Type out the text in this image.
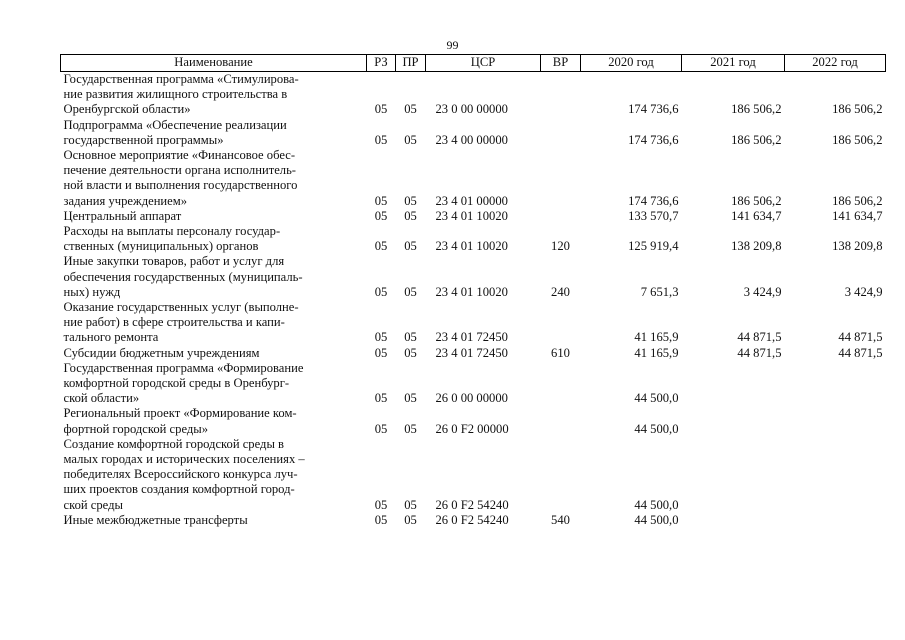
99
Наименование	РЗ	ПР	ЦСР	ВР	2020 год	2021 год	2022 год
Государственная программа «Стимулирова-
ние развития жилищного строительства в
Оренбургской области»	05	05	23 0 00 00000		174 736,6	186 506,2	186 506,2
Подпрограмма «Обеспечение реализации
государственной программы»	05	05	23 4 00 00000		174 736,6	186 506,2	186 506,2
Основное мероприятие «Финансовое обес-
печение деятельности органа исполнитель-
ной власти и выполнения государственного
задания учреждением»	05	05	23 4 01 00000		174 736,6	186 506,2	186 506,2
Центральный аппарат	05	05	23 4 01 10020		133 570,7	141 634,7	141 634,7
Расходы на выплаты персоналу государ-
ственных (муниципальных) органов	05	05	23 4 01 10020	120	125 919,4	138 209,8	138 209,8
Иные закупки товаров, работ и услуг для
обеспечения государственных (муниципаль-
ных) нужд	05	05	23 4 01 10020	240	7 651,3	3 424,9	3 424,9
Оказание государственных услуг (выполне-
ние работ) в сфере строительства и капи-
тального ремонта	05	05	23 4 01 72450		41 165,9	44 871,5	44 871,5
Субсидии бюджетным учреждениям	05	05	23 4 01 72450	610	41 165,9	44 871,5	44 871,5
Государственная программа «Формирование
комфортной городской среды в Оренбург-
ской области»	05	05	26 0 00 00000		44 500,0		
Региональный проект «Формирование ком-
фортной городской среды»	05	05	26 0 F2 00000		44 500,0		
Создание комфортной городской среды в
малых городах и исторических поселениях –
победителях Всероссийского конкурса луч-
ших проектов создания комфортной город-
ской среды	05	05	26 0 F2 54240		44 500,0		
Иные межбюджетные трансферты	05	05	26 0 F2 54240	540	44 500,0		
